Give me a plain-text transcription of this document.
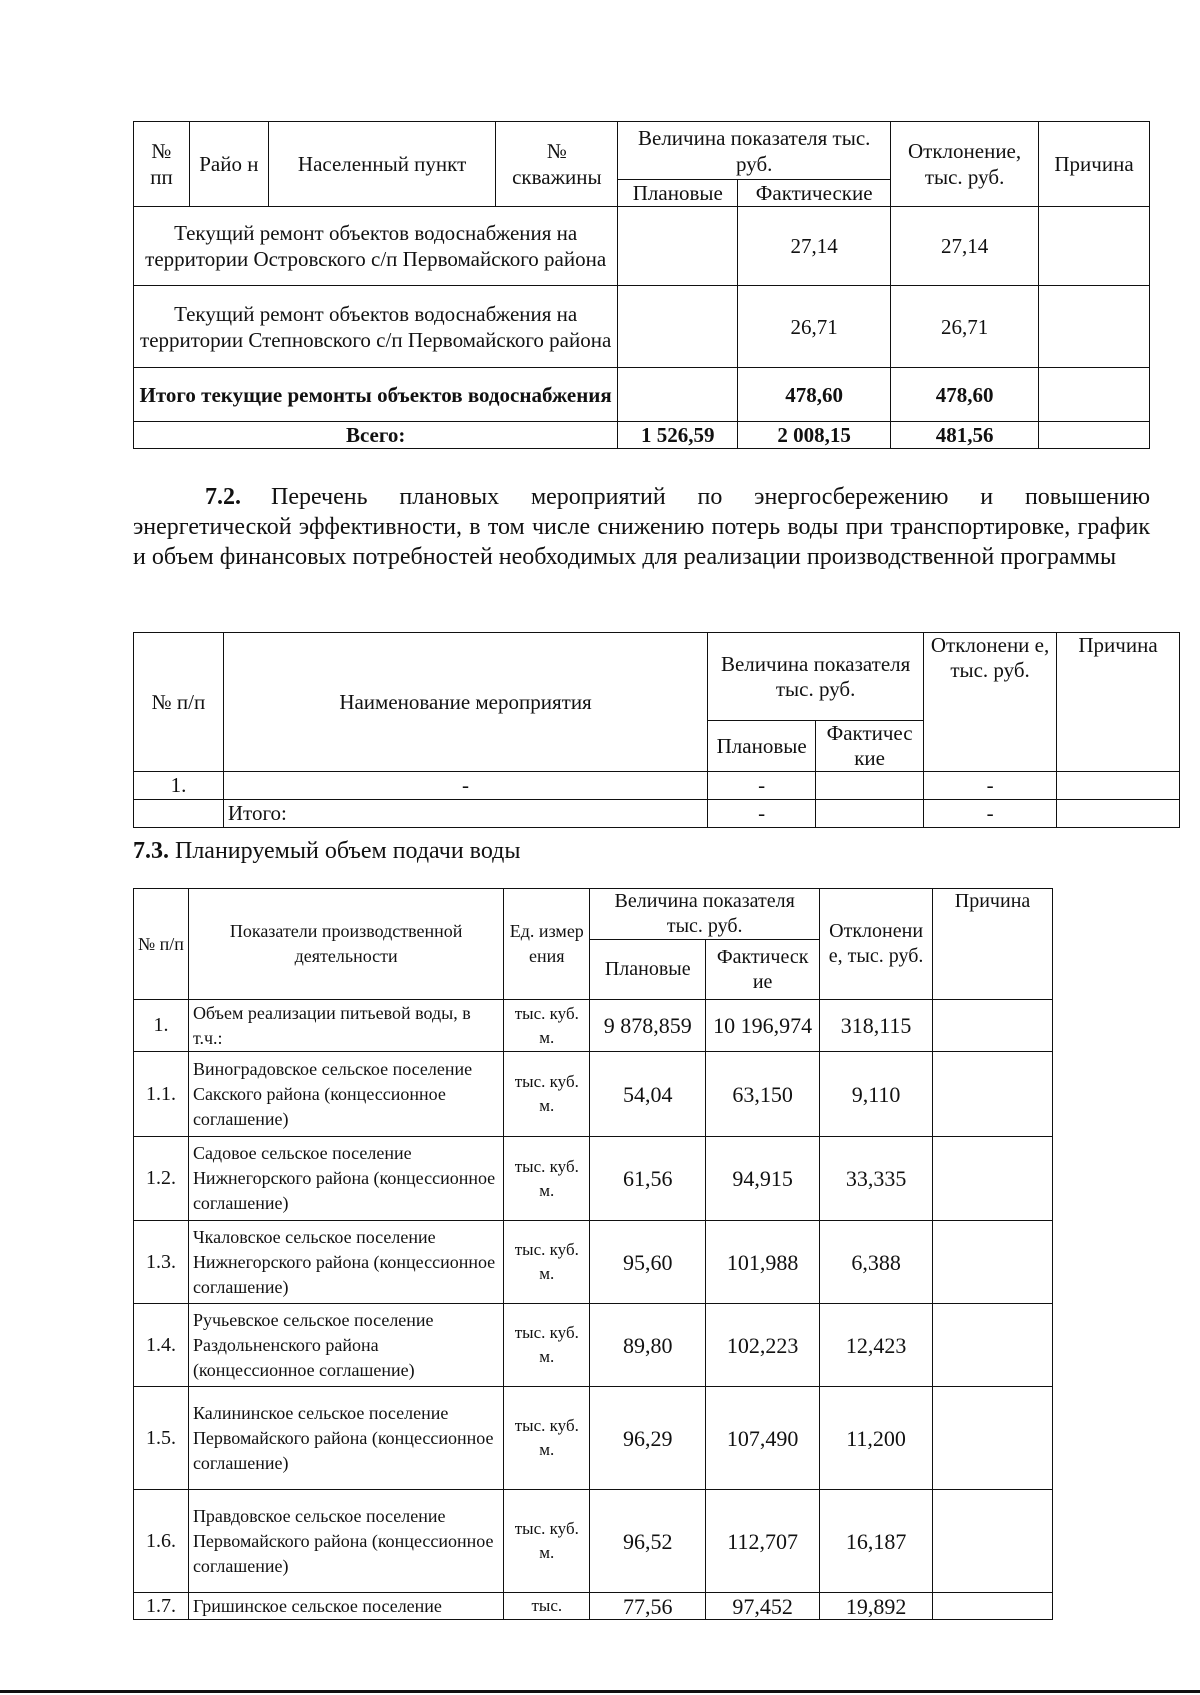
№ пп	Райо н	Населенный пункт	№ скважины	Величина показателя тыс. руб.		Отклонение, тыс. руб.	Причина
				Плановые	Фактические		
Текущий ремонт объектов водоснабжения на территории Островского с/п Первомайского района					27,14	27,14	
Текущий ремонт объектов водоснабжения на территории Степновского с/п Первомайского района					26,71	26,71	
Итого текущие ремонты объектов водоснабжения					478,60	478,60	
Всего:				1 526,59	2 008,15	481,56	
7.2. Перечень плановых мероприятий по энергосбережению и повышению энергетической эффективности, в том числе снижению потерь воды при транспортировке, график и объем финансовых потребностей необходимых для реализации производственной программы
№ п/п	Наименование мероприятия	Величина показателя тыс. руб.		Отклонени е, тыс. руб.	Причина
		Плановые	Фактичес кие		
1.	-	-		-	
	Итого:	-		-	
7.3. Планируемый объем подачи воды
№ п/п	Показатели производственной деятельности	Ед. измер ения	Величина показателя тыс. руб.		Отклонени е, тыс. руб.	Причина
			Плановые	Фактическ ие		
1.	Объем реализации питьевой воды, в т.ч.:	тыс. куб. м.	9 878,859	10 196,974	318,115	
1.1.	Виноградовское сельское поселение Сакского района (концессионное соглашение)	тыс. куб. м.	54,04	63,150	9,110	
1.2.	Садовое сельское поселение Нижнегорского района (концессионное соглашение)	тыс. куб. м.	61,56	94,915	33,335	
1.3.	Чкаловское сельское поселение Нижнегорского района (концессионное соглашение)	тыс. куб. м.	95,60	101,988	6,388	
1.4.	Ручьевское сельское поселение Раздольненского района (концессионное соглашение)	тыс. куб. м.	89,80	102,223	12,423	
1.5.	Калининское сельское поселение Первомайского района (концессионное соглашение)	тыс. куб. м.	96,29	107,490	11,200	
1.6.	Правдовское сельское поселение Первомайского района (концессионное соглашение)	тыс. куб. м.	96,52	112,707	16,187	
1.7.	Гришинское сельское поселение	тыс.	77,56	97,452	19,892	
